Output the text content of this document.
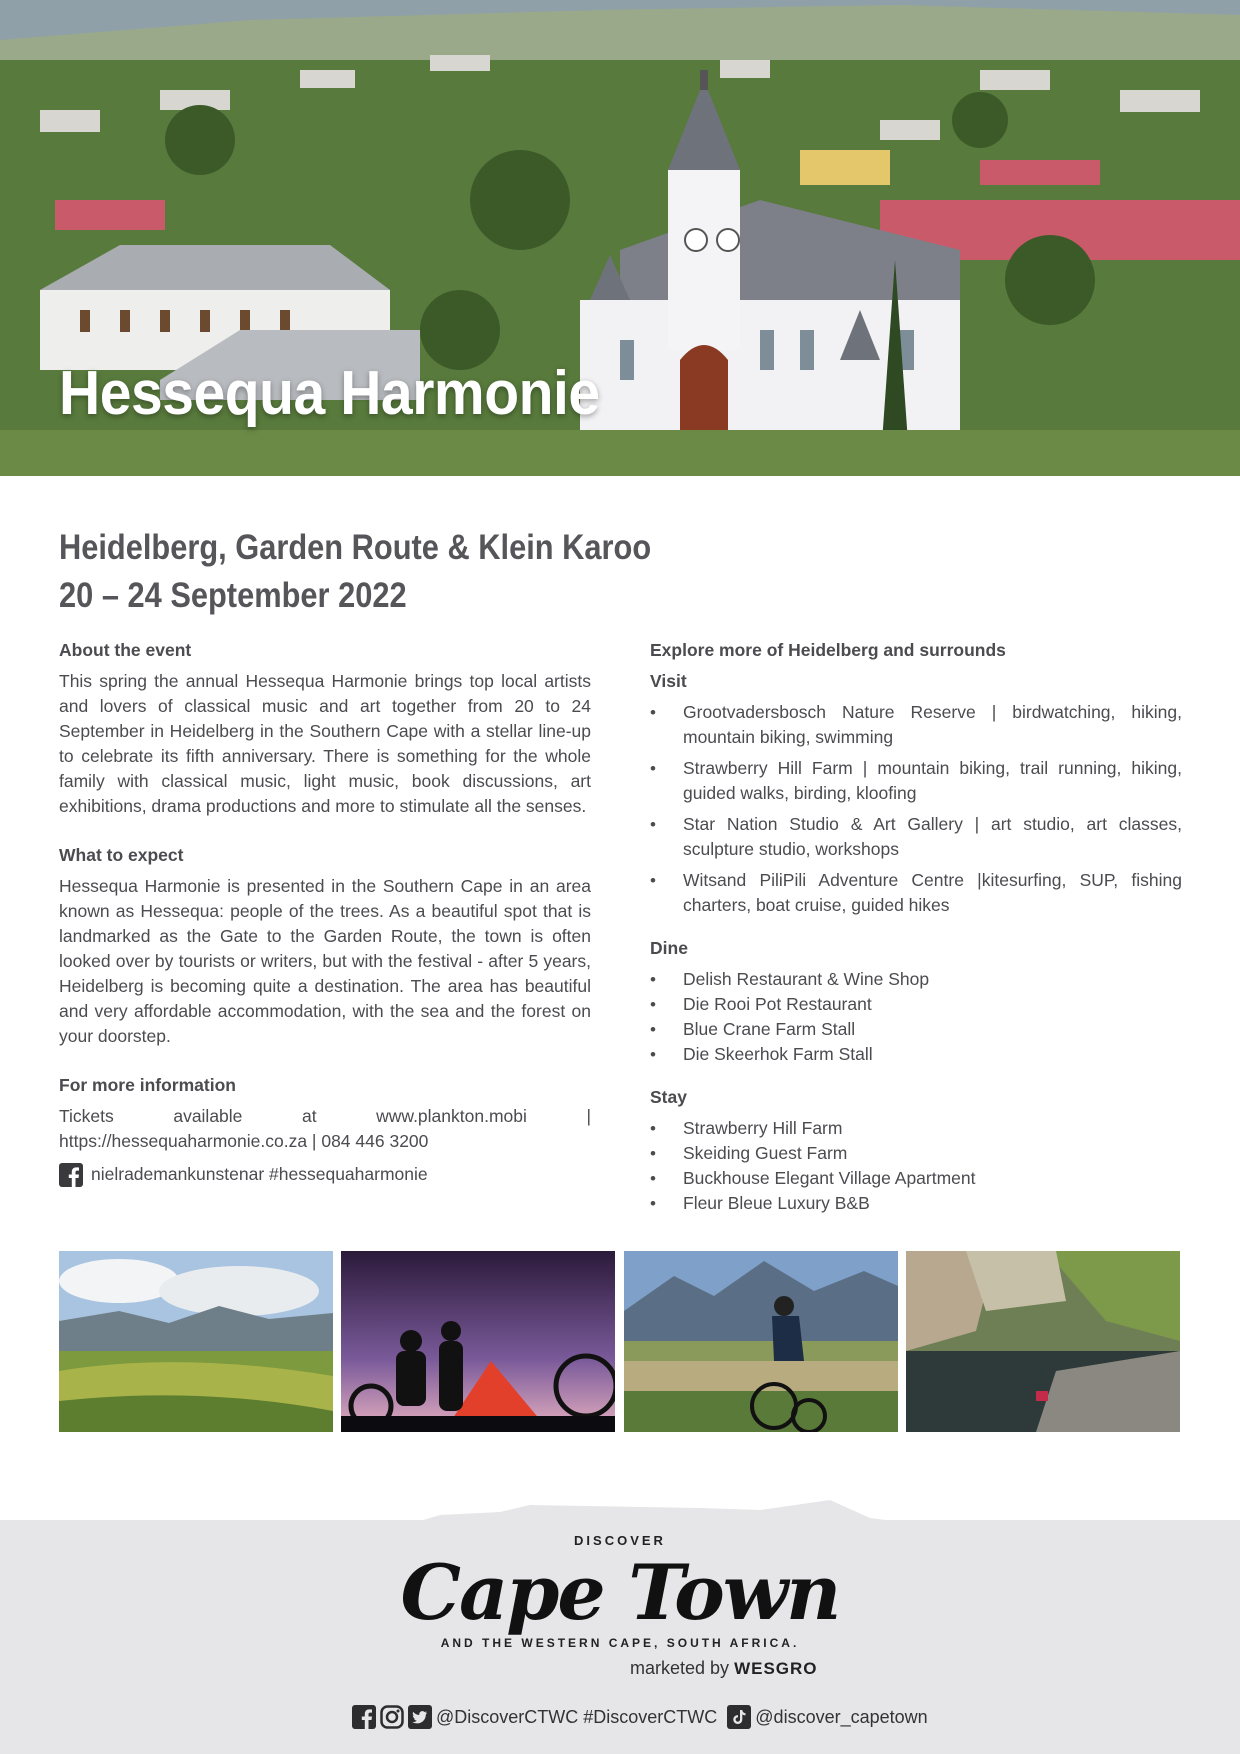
Hessequa Harmonie
Heidelberg, Garden Route & Klein Karoo
20 – 24 September 2022
About the event

This spring the annual Hessequa Harmonie brings top local artists and lovers of classical music and art together from 20 to 24 September in Heidelberg in the Southern Cape with a stellar line-up to celebrate its fifth anniversary. There is something for the whole family with classical music, light music, book discussions, art exhibitions, drama productions and more to stimulate all the senses.

What to expect

Hessequa Harmonie is presented in the Southern Cape in an area known as Hessequa: people of the trees. As a beautiful spot that is landmarked as the Gate to the Garden Route, the town is often looked over by tourists or writers, but with the festival - after 5 years, Heidelberg is becoming quite a destination. The area has beautiful and very affordable accommodation, with the sea and the forest on your doorstep.

For more information

Tickets available at www.plankton.mobi | https://hessequaharmonie.co.za | 084 446 3200

nielrademankunstenar #hessequaharmonie
Explore more of Heidelberg and surrounds
Visit
• Grootvadersbosch Nature Reserve | birdwatching, hiking, mountain biking, swimming
• Strawberry Hill Farm | mountain biking, trail running, hiking, guided walks, birding, kloofing
• Star Nation Studio & Art Gallery | art studio, art classes, sculpture studio, workshops
• Witsand PiliPili Adventure Centre |kitesurfing, SUP, fishing charters, boat cruise, guided hikes
Dine
• Delish Restaurant & Wine Shop
• Die Rooi Pot Restaurant
• Blue Crane Farm Stall
• Die Skeerhok Farm Stall
Stay
• Strawberry Hill Farm
• Skeiding Guest Farm
• Buckhouse Elegant Village Apartment
• Fleur Bleue Luxury B&B
DISCOVER
Cape Town
AND THE WESTERN CAPE, SOUTH AFRICA.
marketed by WESGRO
@DiscoverCTWC #DiscoverCTWC @discover_capetown
